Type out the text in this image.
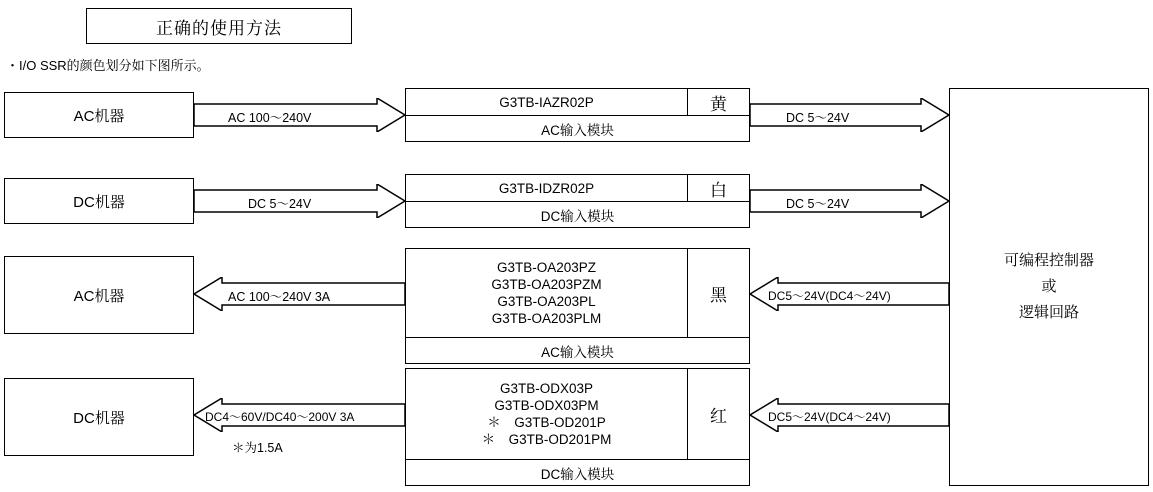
正确的使用方法
・I/O SSR的颜色划分如下图所示。
AC机器	AC 100～240V
G3TB-IAZR02P	黄
AC输入模块
DC 5～24V
DC机器	DC 5～24V
G3TB-IDZR02P	白
DC输入模块
DC 5～24V
AC机器	AC 100～240V 3A
G3TB-OA203PZ
G3TB-OA203PZM
G3TB-OA203PL
G3TB-OA203PLM
黑
AC输入模块
DC5～24V(DC4～24V)
DC机器	DC4～60V/DC40～200V 3A
＊为1.5A
G3TB-ODX03P
G3TB-ODX03PM
＊　G3TB-OD201P
＊　G3TB-OD201PM
红
DC输入模块
DC5～24V(DC4～24V)
可编程控制器
或
逻辑回路
